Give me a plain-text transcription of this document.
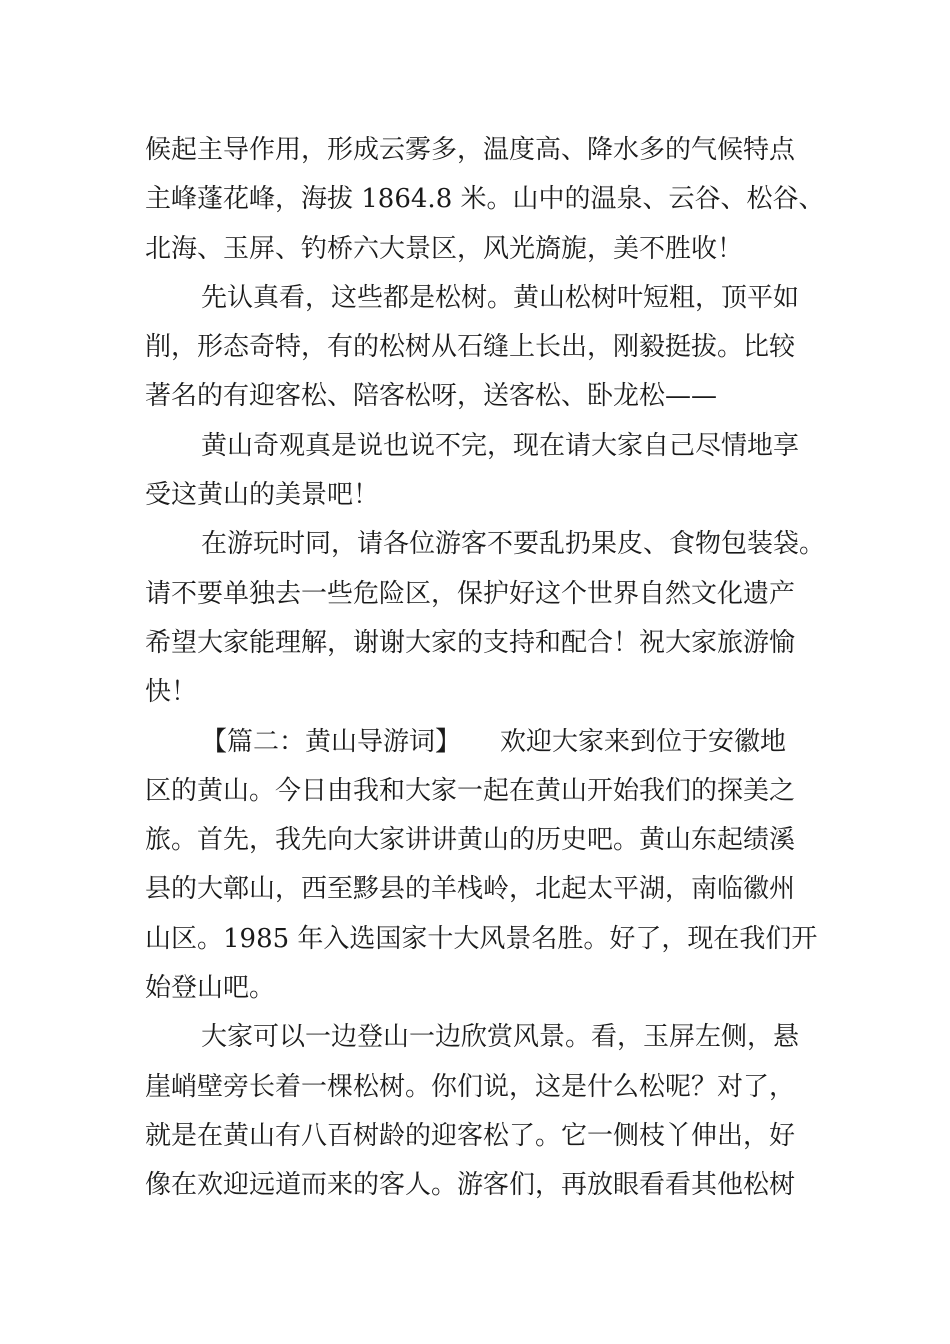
候起主导作用，形成云雾多，温度高、降水多的气候特点

主峰蓬花峰，海拔 1864.8 米。山中的温泉、云谷、松谷、

北海、玉屏、钓桥六大景区，风光旖旎，美不胜收！

先认真看，这些都是松树。黄山松树叶短粗，顶平如

削，形态奇特，有的松树从石缝上长出，刚毅挺拔。比较

著名的有迎客松、陪客松呀，送客松、卧龙松——

黄山奇观真是说也说不完，现在请大家自己尽情地享

受这黄山的美景吧！

在游玩时同，请各位游客不要乱扔果皮、食物包装袋。

请不要单独去一些危险区，保护好这个世界自然文化遗产

希望大家能理解，谢谢大家的支持和配合！祝大家旅游愉

快！

【篇二：黄山导游词】　　欢迎大家来到位于安徽地

区的黄山。今日由我和大家一起在黄山开始我们的探美之

旅。首先，我先向大家讲讲黄山的历史吧。黄山东起绩溪

县的大鄣山，西至黟县的羊栈岭，北起太平湖，南临徽州

山区。1985 年入选国家十大风景名胜。好了，现在我们开

始登山吧。

大家可以一边登山一边欣赏风景。看，玉屏左侧，悬

崖峭壁旁长着一棵松树。你们说，这是什么松呢？对了，

就是在黄山有八百树龄的迎客松了。它一侧枝丫伸出，好

像在欢迎远道而来的客人。游客们，再放眼看看其他松树
